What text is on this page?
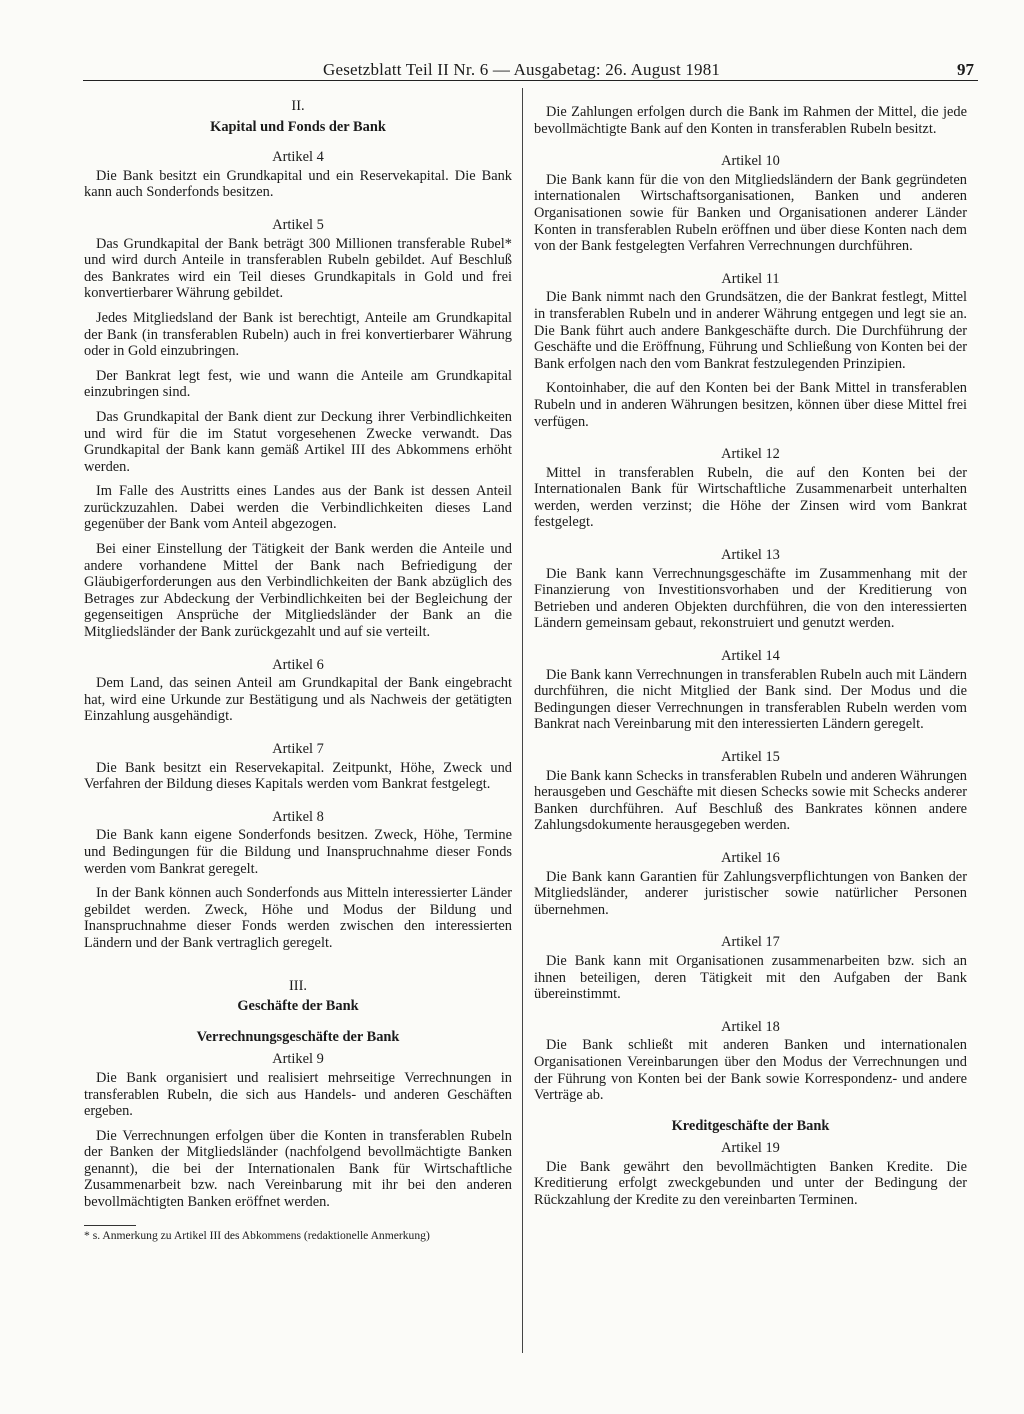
Gesetzblatt Teil II Nr. 6 — Ausgabetag: 26. August 1981	97
II.
Kapital und Fonds der Bank
Artikel 4

Die Bank besitzt ein Grundkapital und ein Reservekapital. Die Bank kann auch Sonderfonds besitzen.

Artikel 5

Das Grundkapital der Bank beträgt 300 Millionen transferable Rubel* und wird durch Anteile in transferablen Rubeln gebildet. Auf Beschluß des Bankrates wird ein Teil dieses Grundkapitals in Gold und frei konvertierbarer Währung gebildet.

Jedes Mitgliedsland der Bank ist berechtigt, Anteile am Grundkapital der Bank (in transferablen Rubeln) auch in frei konvertierbarer Währung oder in Gold einzubringen.

Der Bankrat legt fest, wie und wann die Anteile am Grundkapital einzubringen sind.

Das Grundkapital der Bank dient zur Deckung ihrer Verbindlichkeiten und wird für die im Statut vorgesehenen Zwecke verwandt. Das Grundkapital der Bank kann gemäß Artikel III des Abkommens erhöht werden.

Im Falle des Austritts eines Landes aus der Bank ist dessen Anteil zurückzuzahlen. Dabei werden die Verbindlichkeiten dieses Land gegenüber der Bank vom Anteil abgezogen.

Bei einer Einstellung der Tätigkeit der Bank werden die Anteile und andere vorhandene Mittel der Bank nach Befriedigung der Gläubigerforderungen aus den Verbindlichkeiten der Bank abzüglich des Betrages zur Abdeckung der Verbindlichkeiten bei der Begleichung der gegenseitigen Ansprüche der Mitgliedsländer der Bank an die Mitgliedsländer der Bank zurückgezahlt und auf sie verteilt.

Artikel 6

Dem Land, das seinen Anteil am Grundkapital der Bank eingebracht hat, wird eine Urkunde zur Bestätigung und als Nachweis der getätigten Einzahlung ausgehändigt.

Artikel 7

Die Bank besitzt ein Reservekapital. Zeitpunkt, Höhe, Zweck und Verfahren der Bildung dieses Kapitals werden vom Bankrat festgelegt.

Artikel 8

Die Bank kann eigene Sonderfonds besitzen. Zweck, Höhe, Termine und Bedingungen für die Bildung und Inanspruchnahme dieser Fonds werden vom Bankrat geregelt.

In der Bank können auch Sonderfonds aus Mitteln interessierter Länder gebildet werden. Zweck, Höhe und Modus der Bildung und Inanspruchnahme dieser Fonds werden zwischen den interessierten Ländern und der Bank vertraglich geregelt.

III.
Geschäfte der Bank
Verrechnungsgeschäfte der Bank
Artikel 9

Die Bank organisiert und realisiert mehrseitige Verrechnungen in transferablen Rubeln, die sich aus Handels- und anderen Geschäften ergeben.

Die Verrechnungen erfolgen über die Konten in transferablen Rubeln der Banken der Mitgliedsländer (nachfolgend bevollmächtigte Banken genannt), die bei der Internationalen Bank für Wirtschaftliche Zusammenarbeit bzw. nach Vereinbarung mit ihr bei den anderen bevollmächtigten Banken eröffnet werden.

* s. Anmerkung zu Artikel III des Abkommens (redaktionelle Anmerkung)

Die Zahlungen erfolgen durch die Bank im Rahmen der Mittel, die jede bevollmächtigte Bank auf den Konten in transferablen Rubeln besitzt.

Artikel 10

Die Bank kann für die von den Mitgliedsländern der Bank gegründeten internationalen Wirtschaftsorganisationen, Banken und anderen Organisationen sowie für Banken und Organisationen anderer Länder Konten in transferablen Rubeln eröffnen und über diese Konten nach dem von der Bank festgelegten Verfahren Verrechnungen durchführen.

Artikel 11

Die Bank nimmt nach den Grundsätzen, die der Bankrat festlegt, Mittel in transferablen Rubeln und in anderer Währung entgegen und legt sie an. Die Bank führt auch andere Bankgeschäfte durch. Die Durchführung der Geschäfte und die Eröffnung, Führung und Schließung von Konten bei der Bank erfolgen nach den vom Bankrat festzulegenden Prinzipien.

Kontoinhaber, die auf den Konten bei der Bank Mittel in transferablen Rubeln und in anderen Währungen besitzen, können über diese Mittel frei verfügen.

Artikel 12

Mittel in transferablen Rubeln, die auf den Konten bei der Internationalen Bank für Wirtschaftliche Zusammenarbeit unterhalten werden, werden verzinst; die Höhe der Zinsen wird vom Bankrat festgelegt.

Artikel 13

Die Bank kann Verrechnungsgeschäfte im Zusammenhang mit der Finanzierung von Investitionsvorhaben und der Kreditierung von Betrieben und anderen Objekten durchführen, die von den interessierten Ländern gemeinsam gebaut, rekonstruiert und genutzt werden.

Artikel 14

Die Bank kann Verrechnungen in transferablen Rubeln auch mit Ländern durchführen, die nicht Mitglied der Bank sind. Der Modus und die Bedingungen dieser Verrechnungen in transferablen Rubeln werden vom Bankrat nach Vereinbarung mit den interessierten Ländern geregelt.

Artikel 15

Die Bank kann Schecks in transferablen Rubeln und anderen Währungen herausgeben und Geschäfte mit diesen Schecks sowie mit Schecks anderer Banken durchführen. Auf Beschluß des Bankrates können andere Zahlungsdokumente herausgegeben werden.

Artikel 16

Die Bank kann Garantien für Zahlungsverpflichtungen von Banken der Mitgliedsländer, anderer juristischer sowie natürlicher Personen übernehmen.

Artikel 17

Die Bank kann mit Organisationen zusammenarbeiten bzw. sich an ihnen beteiligen, deren Tätigkeit mit den Aufgaben der Bank übereinstimmt.

Artikel 18

Die Bank schließt mit anderen Banken und internationalen Organisationen Vereinbarungen über den Modus der Verrechnungen und der Führung von Konten bei der Bank sowie Korrespondenz- und andere Verträge ab.

Kreditgeschäfte der Bank
Artikel 19

Die Bank gewährt den bevollmächtigten Banken Kredite. Die Kreditierung erfolgt zweckgebunden und unter der Bedingung der Rückzahlung der Kredite zu den vereinbarten Terminen.
